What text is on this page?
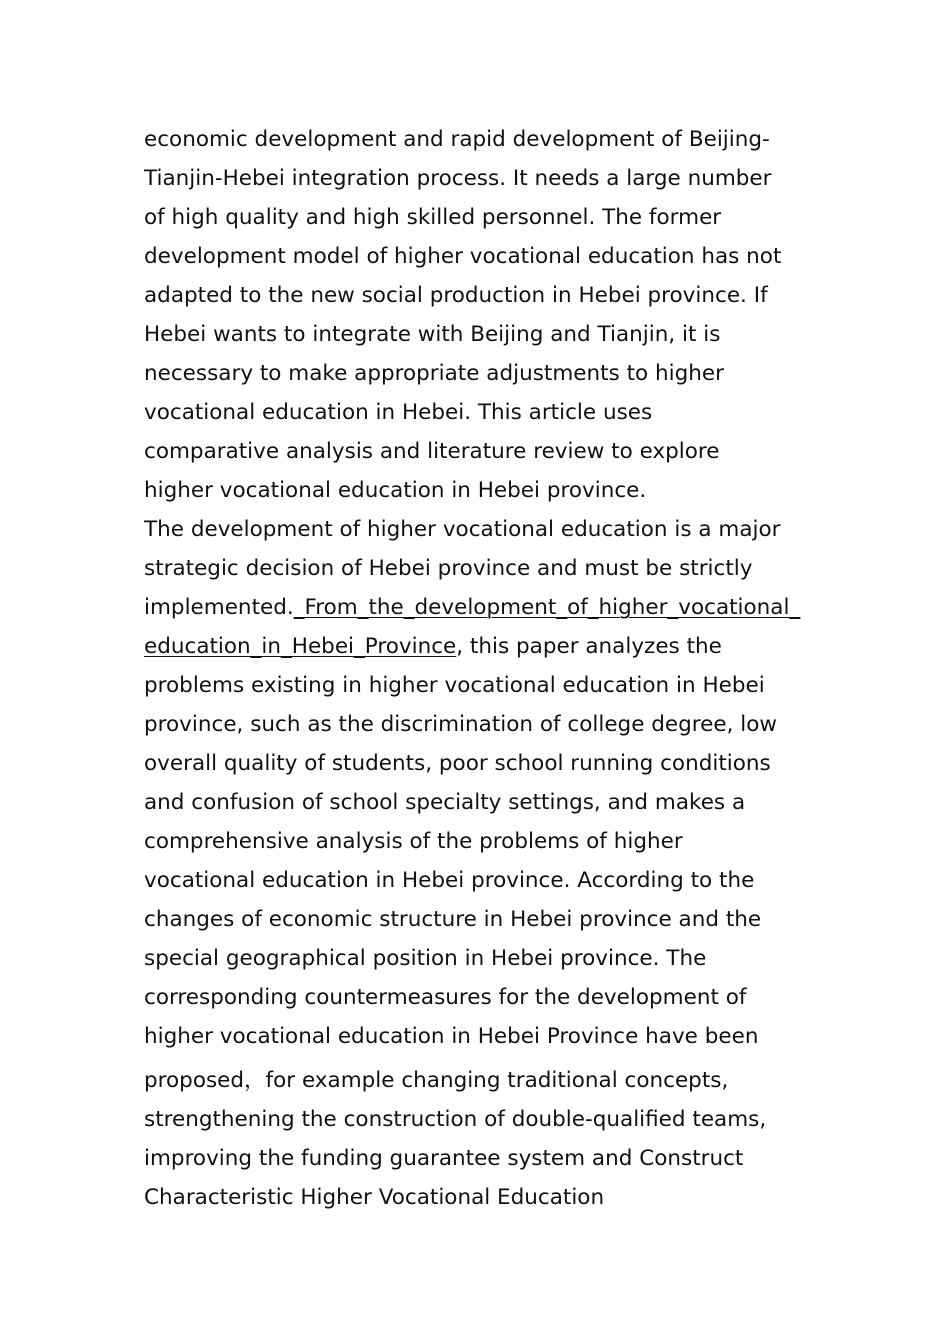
economic development and rapid development of Beijing-
Tianjin-Hebei integration process. It needs a large number
of high quality and high skilled personnel. The former
development model of higher vocational education has not
adapted to the new social production in Hebei province. If
Hebei wants to integrate with Beijing and Tianjin, it is
necessary to make appropriate adjustments to higher
vocational education in Hebei. This article uses
comparative analysis and literature review to explore
higher vocational education in Hebei province.
The development of higher vocational education is a major
strategic decision of Hebei province and must be strictly
implemented._From_the_development_of_higher_vocational_
education_in_Hebei_Province, this paper analyzes the
problems existing in higher vocational education in Hebei
province, such as the discrimination of college degree, low
overall quality of students, poor school running conditions
and confusion of school specialty settings, and makes a
comprehensive analysis of the problems of higher
vocational education in Hebei province. According to the
changes of economic structure in Hebei province and the
special geographical position in Hebei province. The
corresponding countermeasures for the development of
higher vocational education in Hebei Province have been
proposed，for example changing traditional concepts,
strengthening the construction of double-qualified teams,
improving the funding guarantee system and Construct
Characteristic Higher Vocational Education
